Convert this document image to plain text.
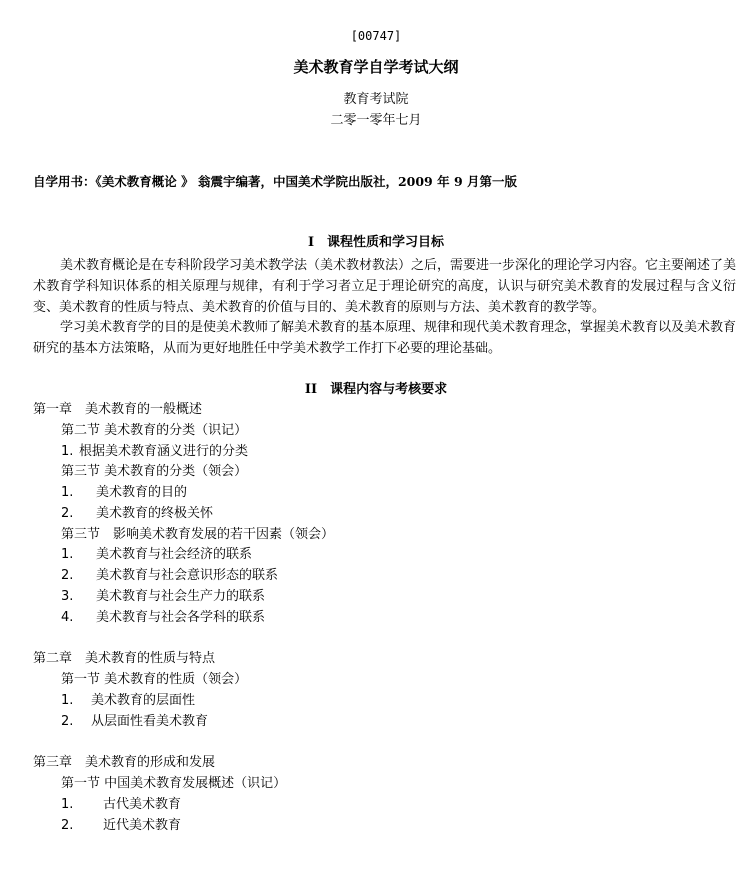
[00747]
美术教育学自学考试大纲
教育考试院
二零一零年七月
自学用书：《美术教育概论 》 翁震宇编著，中国美术学院出版社，2009 年 9 月第一版
I　课程性质和学习目标
美术教育概论是在专科阶段学习美术教学法（美术教材教法）之后，需要进一步深化的理论学习内容。它主要阐述了美术教育学科知识体系的相关原理与规律，有利于学习者立足于理论研究的高度，认识与研究美术教育的发展过程与含义衍变、美术教育的性质与特点、美术教育的价值与目的、美术教育的原则与方法、美术教育的教学等。
学习美术教育学的目的是使美术教师了解美术教育的基本原理、规律和现代美术教育理念，掌握美术教育以及美术教育研究的基本方法策略，从而为更好地胜任中学美术教学工作打下必要的理论基础。
II　课程内容与考核要求
第一章　美术教育的一般概述
第二节 美术教育的分类（识记）
1. 根据美术教育涵义进行的分类
第三节 美术教育的分类（领会）
1. 美术教育的目的
2. 美术教育的终极关怀
第三节　影响美术教育发展的若干因素（领会）
1. 美术教育与社会经济的联系
2. 美术教育与社会意识形态的联系
3. 美术教育与社会生产力的联系
4. 美术教育与社会各学科的联系
第二章　美术教育的性质与特点
第一节 美术教育的性质（领会）
1. 美术教育的层面性
2. 从层面性看美术教育
第三章　美术教育的形成和发展
第一节 中国美术教育发展概述（识记）
1. 古代美术教育
2. 近代美术教育
